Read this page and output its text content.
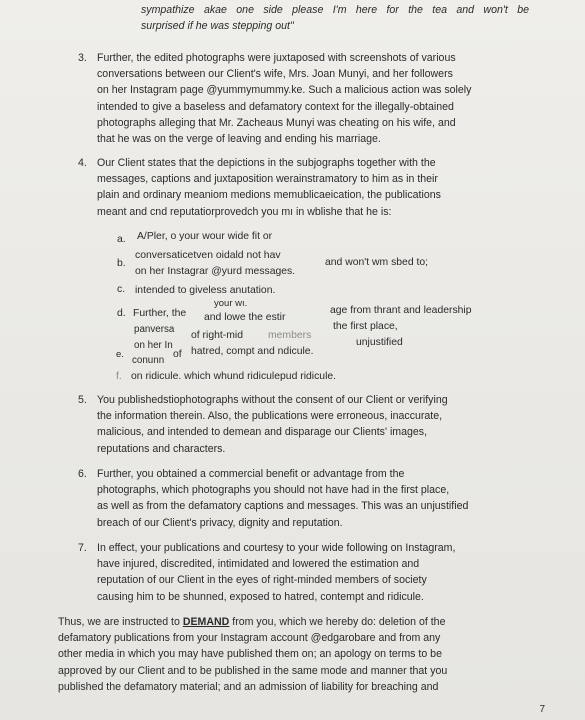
sympathize akae one side please I'm here for the tea and won't be
surprised if he was stepping out"
3. Further, the edited photographs were juxtaposed with screenshots of various
conversations between our Client's wife, Mrs. Joan Munyi, and her followers
on her Instagram page @yummymummy.ke. Such a malicious action was solely
intended to give a baseless and defamatory context for the illegally-obtained
photographs alleging that Mr. Zacheaus Munyi was cheating on his wife, and
that he was on the verge of leaving and ending his marriage.
4. Our Client states that the depictions in the subjographs together with the
messages, captions and juxtaposition werainstramatory to him as in their
plain and ordinary meaniom medions memublicaeication, the publications
meant and cnd reputatiorprovedch you mı in wblishe that he is:
a. A/Pler, o your wour wide fit or
b.
conversaticetven oidald not hav
on her Instagrar @yurd messages.
and won't wm sbed to;
c. intended to giveless anutation.
d. Further, the
your wı.
and lowe the estir
age from thrant and leadership
the first place,
unjustified
panversa
of right-mid members
on her In
e.
conunn
of hatred, compt and ndicule.
f. on ridicule. which whund ridiculepud ridicule.
5. You publishedstiophotographs without the consent of our Client or verifying
the information therein. Also, the publications were erroneous, inaccurate,
malicious, and intended to demean and disparage our Clients' images,
reputations and characters.
6. Further, you obtained a commercial benefit or advantage from the
photographs, which photographs you should not have had in the first place,
as well as from the defamatory captions and messages. This was an unjustified
breach of our Client's privacy, dignity and reputation.
7. In effect, your publications and courtesy to your wide following on Instagram,
have injured, discredited, intimidated and lowered the estimation and
reputation of our Client in the eyes of right-minded members of society
causing him to be shunned, exposed to hatred, contempt and ridicule.
Thus, we are instructed to DEMAND from you, which we hereby do: deletion of the
defamatory publications from your Instagram account @edgarobare and from any
other media in which you may have published them on; an apology on terms to be
approved by our Client and to be published in the same mode and manner that you
published the defamatory material; and an admission of liability for breaching and
7
